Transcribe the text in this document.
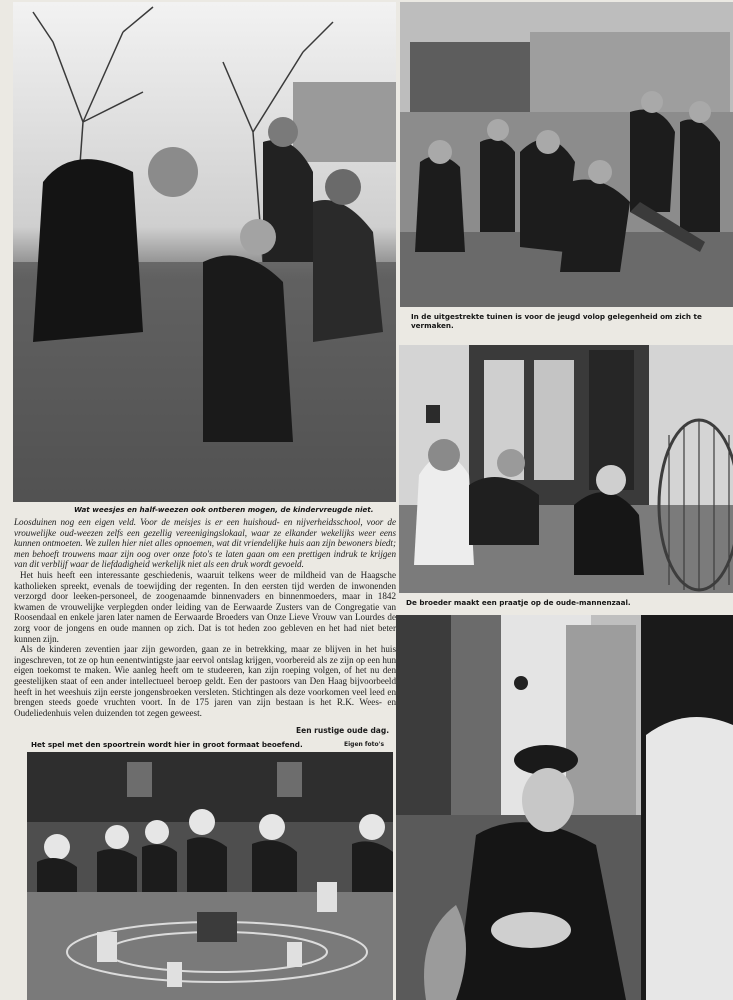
Wat weesjes en half-weezen ook ontberen mogen, de kindervreugde niet.
In de uitgestrekte tuinen is voor de jeugd volop gelegenheid om zich te vermaken.
De broeder maakt een praatje op de oude-mannenzaal.

Loosduinen nog een eigen veld. Voor de meisjes is er een huishoud- en nijverheidsschool, voor de vrouwelijke oud-weezen zelfs een gezellig vereenigingslokaal, waar ze elkander wekelijks weer eens kunnen ontmoeten. We zullen hier niet alles opnoemen, wat dit vriendelijke huis aan zijn bewoners biedt; men behoeft trouwens maar zijn oog over onze foto's te laten gaan om een prettigen indruk te krijgen van dit verblijf waar de liefdadigheid werkelijk niet als een druk wordt gevoeld.

Het huis heeft een interessante geschiedenis, waaruit telkens weer de mildheid van de Haagsche katholieken spreekt, evenals de toewijding der regenten. In den eersten tijd werden de inwonenden verzorgd door leeken-personeel, de zoogenaamde binnenvaders en binnenmoeders, maar in 1842 kwamen de vrouwelijke verplegden onder leiding van de Eerwaarde Zusters van de Congregatie van Roosendaal en enkele jaren later namen de Eerwaarde Broeders van Onze Lieve Vrouw van Lourdes de zorg voor de jongens en oude mannen op zich. Dat is tot heden zoo gebleven en het had niet beter kunnen zijn.

Als de kinderen zeventien jaar zijn geworden, gaan ze in betrekking, maar ze blijven in het huis ingeschreven, tot ze op hun eenentwintigste jaar eervol ontslag krijgen, voorbereid als ze zijn op een hun eigen toekomst te maken. Wie aanleg heeft om te studeeren, kan zijn roeping volgen, of het nu den geestelijken staat of een ander intellectueel beroep geldt. Een der pastoors van Den Haag bijvoorbeeld heeft in het weeshuis zijn eerste jongensbroeken versleten. Stichtingen als deze voorkomen veel leed en brengen steeds goede vruchten voort. In de 175 jaren van zijn bestaan is het R.K. Wees- en Oudeliedenhuis velen duizenden tot zegen geweest.

Een rustige oude dag.
Het spel met den spoortrein wordt hier in groot formaat beoefend.	Eigen foto's
